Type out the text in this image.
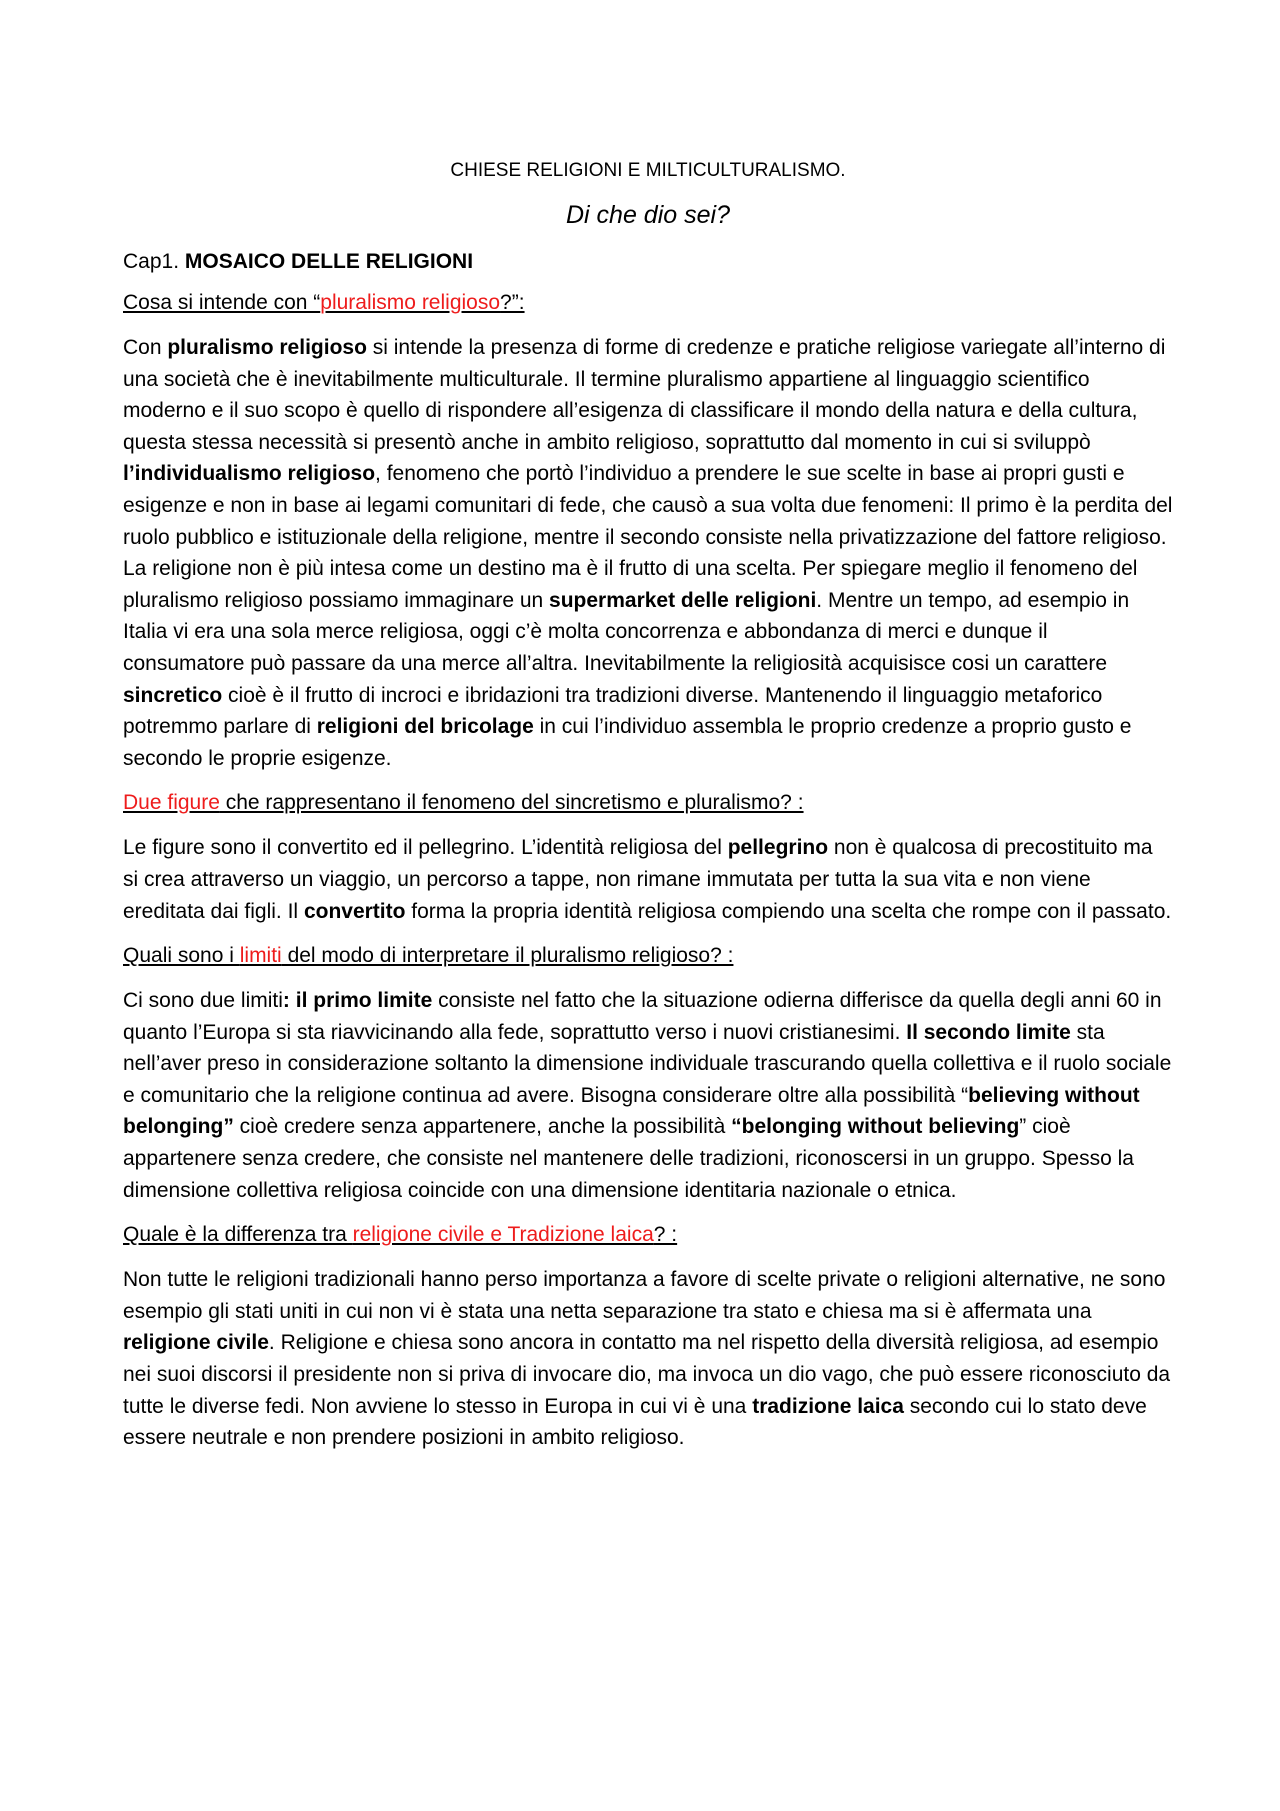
CHIESE RELIGIONI E MILTICULTURALISMO.
Di che dio sei?
Cap1. MOSAICO DELLE RELIGIONI
Cosa si intende con “pluralismo religioso?”:
Con pluralismo religioso si intende la presenza di forme di credenze e pratiche religiose variegate all’interno di una società che è inevitabilmente multiculturale. Il termine pluralismo appartiene al linguaggio scientifico moderno e il suo scopo è quello di rispondere all’esigenza di classificare il mondo della natura e della cultura, questa stessa necessità si presentò anche in ambito religioso, soprattutto dal momento in cui si sviluppò l’individualismo religioso, fenomeno che portò l’individuo a prendere le sue scelte in base ai propri gusti e esigenze e non in base ai legami comunitari di fede, che causò a sua volta due fenomeni: Il primo è la perdita del ruolo pubblico e istituzionale della religione, mentre il secondo consiste nella privatizzazione del fattore religioso. La religione non è più intesa come un destino ma è il frutto di una scelta. Per spiegare meglio il fenomeno del pluralismo religioso possiamo immaginare un supermarket delle religioni. Mentre un tempo, ad esempio in Italia vi era una sola merce religiosa, oggi c’è molta concorrenza e abbondanza di merci e dunque il consumatore può passare da una merce all’altra. Inevitabilmente la religiosità acquisisce cosi un carattere sincretico cioè è il frutto di incroci e ibridazioni tra tradizioni diverse. Mantenendo il linguaggio metaforico potremmo parlare di religioni del bricolage in cui l’individuo assembla le proprio credenze a proprio gusto e secondo le proprie esigenze.
Due figure che rappresentano il fenomeno del sincretismo e pluralismo? :
Le figure sono il convertito ed il pellegrino. L’identità religiosa del pellegrino non è qualcosa di precostituito ma si crea attraverso un viaggio, un percorso a tappe, non rimane immutata per tutta la sua vita e non viene ereditata dai figli. Il convertito forma la propria identità religiosa compiendo una scelta che rompe con il passato.
Quali sono i limiti del modo di interpretare il pluralismo religioso? :
Ci sono due limiti: il primo limite consiste nel fatto che la situazione odierna differisce da quella degli anni 60 in quanto l’Europa si sta riavvicinando alla fede, soprattutto verso i nuovi cristianesimi. Il secondo limite sta nell’aver preso in considerazione soltanto la dimensione individuale trascurando quella collettiva e il ruolo sociale e comunitario che la religione continua ad avere. Bisogna considerare oltre alla possibilità “believing without belonging” cioè credere senza appartenere, anche la possibilità “belonging without believing” cioè appartenere senza credere, che consiste nel mantenere delle tradizioni, riconoscersi in un gruppo. Spesso la dimensione collettiva religiosa coincide con una dimensione identitaria nazionale o etnica.
Quale è la differenza tra religione civile e Tradizione laica? :
Non tutte le religioni tradizionali hanno perso importanza a favore di scelte private o religioni alternative, ne sono esempio gli stati uniti in cui non vi è stata una netta separazione tra stato e chiesa ma si è affermata una religione civile. Religione e chiesa sono ancora in contatto ma nel rispetto della diversità religiosa, ad esempio nei suoi discorsi il presidente non si priva di invocare dio, ma invoca un dio vago, che può essere riconosciuto da tutte le diverse fedi. Non avviene lo stesso in Europa in cui vi è una tradizione laica secondo cui lo stato deve essere neutrale e non prendere posizioni in ambito religioso.
